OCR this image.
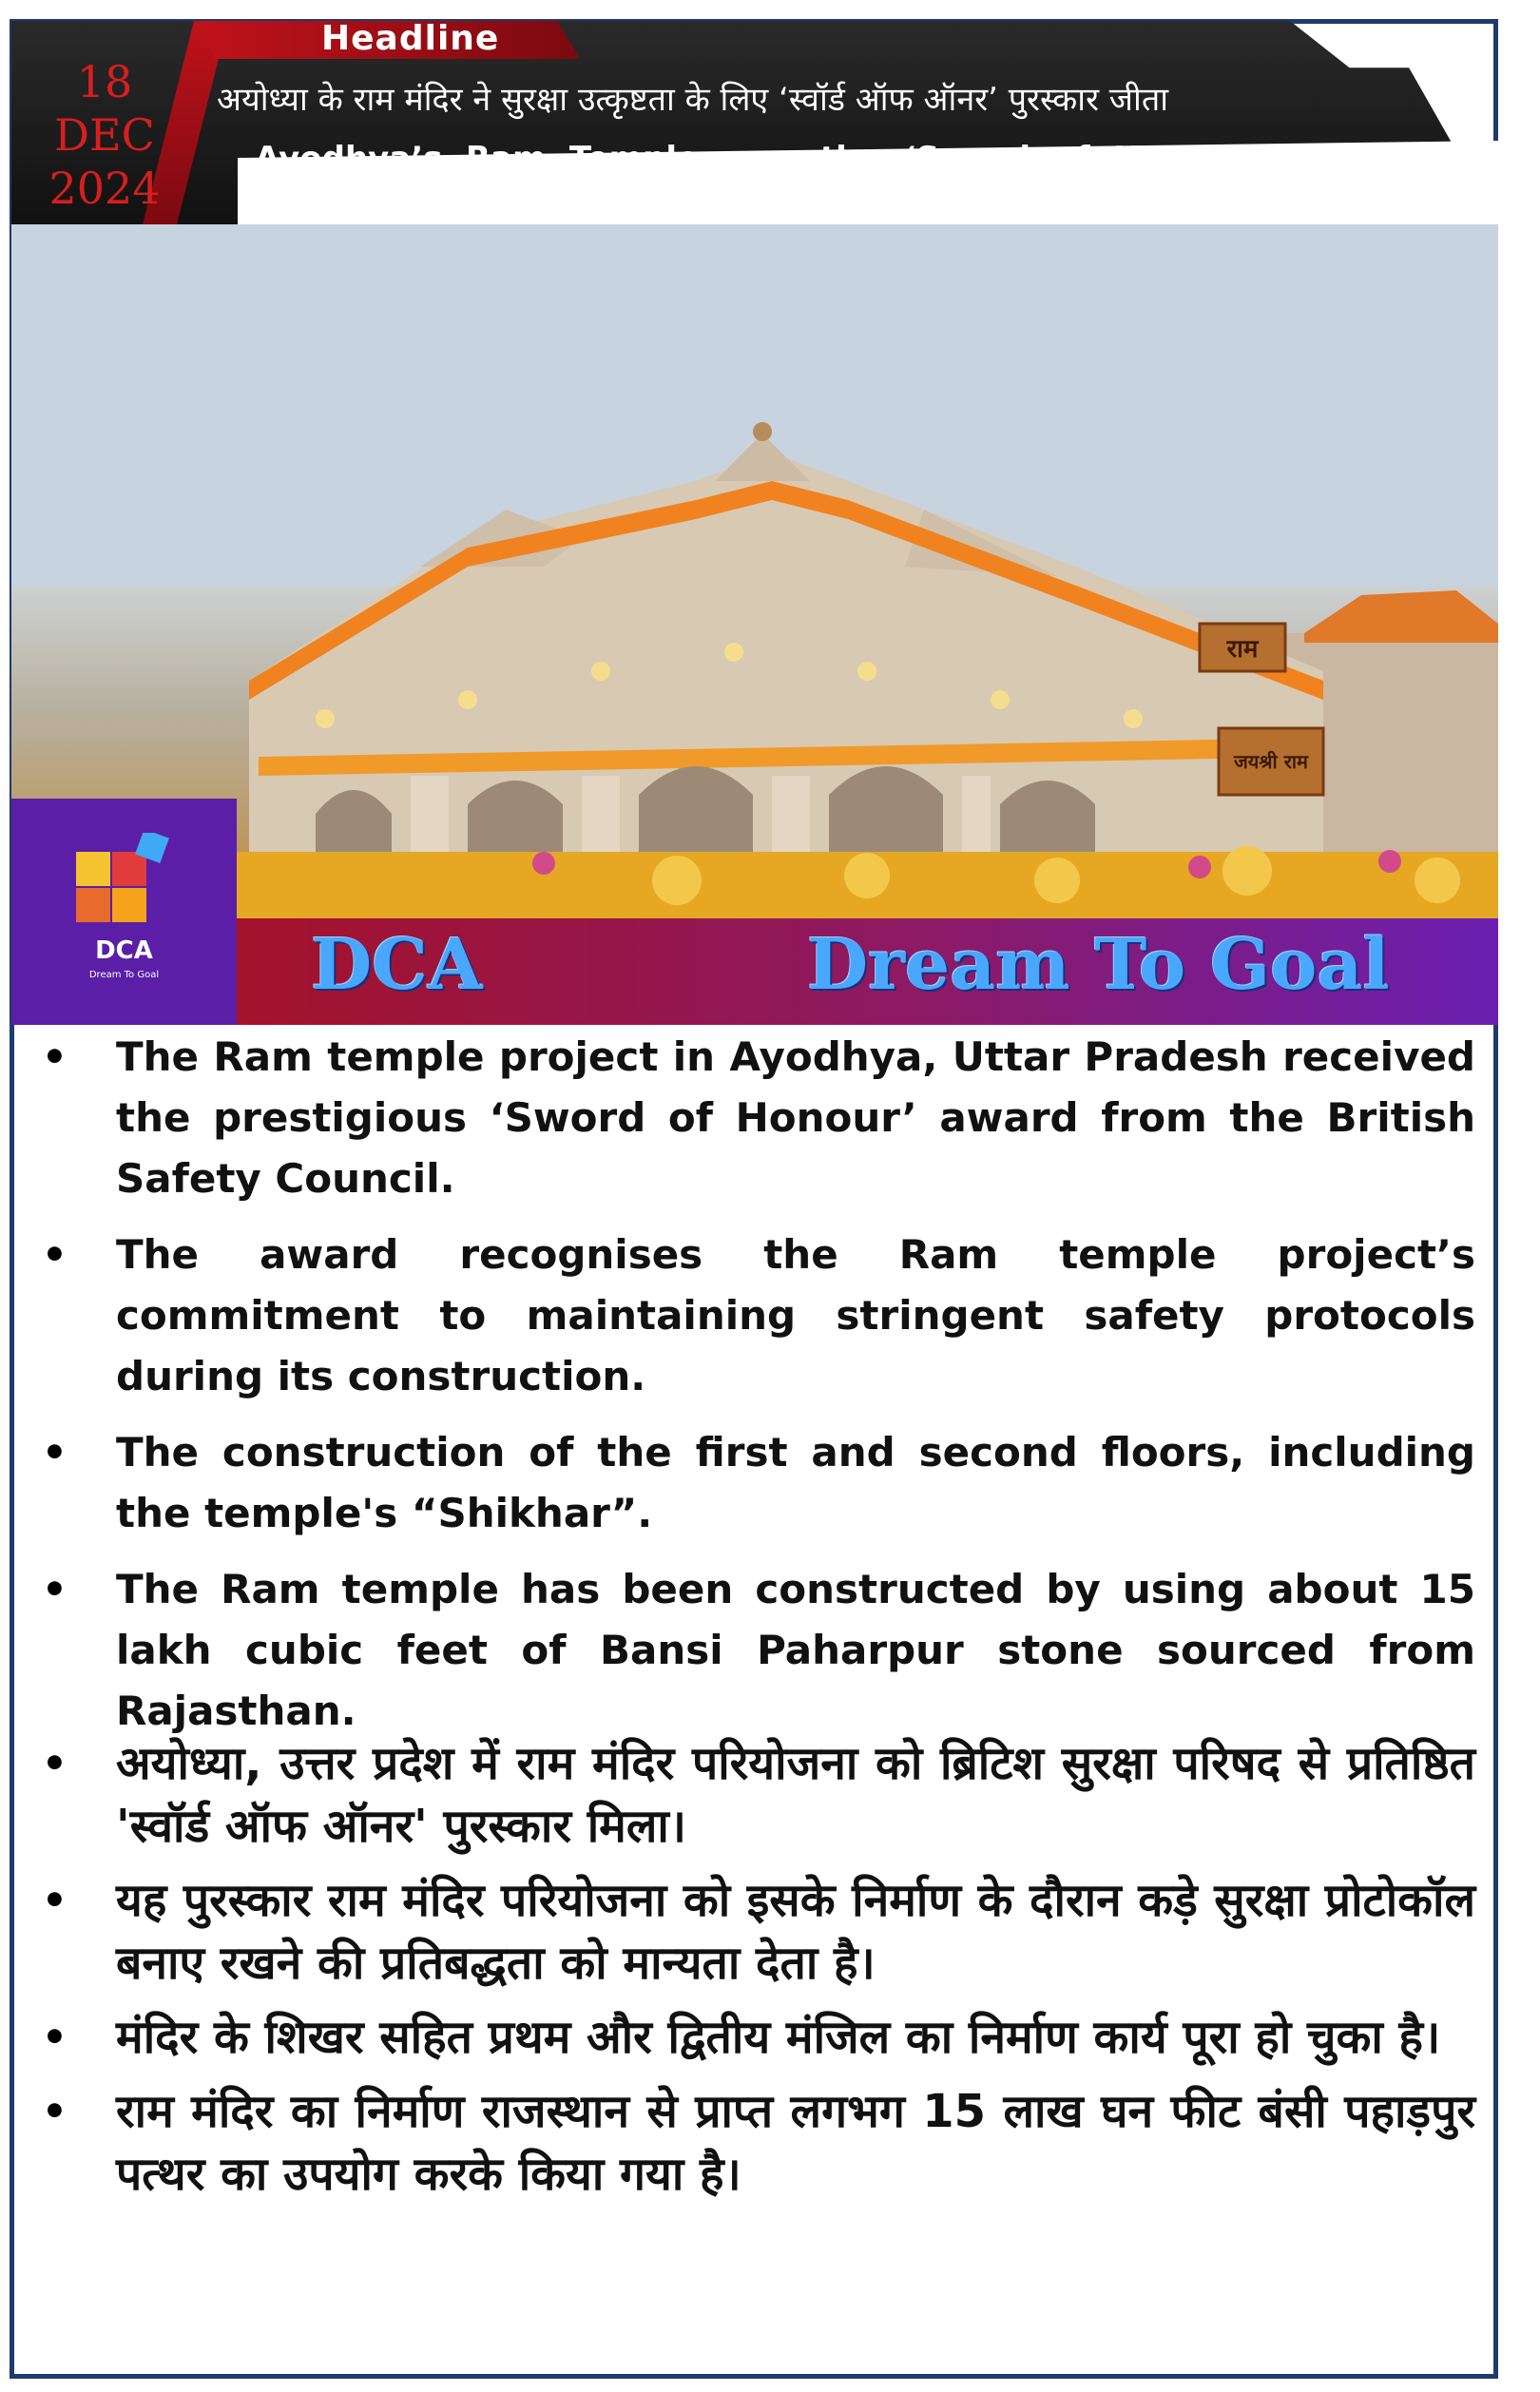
Headline
18
DEC
2024
अयोध्या के राम मंदिर ने सुरक्षा उत्कृष्टता के लिए ‘स्वॉर्ड ऑफ ऑनर’ पुरस्कार जीता
Ayodhya’s Ram Temple won the ‘Sword of Honour’ award for safety excellence
राम
जयश्री राम
DCA
Dream To Goal	DCA	Dream To Goal
• The Ram temple project in Ayodhya, Uttar Pradesh received the prestigious ‘Sword of Honour’ award from the British Safety Council.
• The award recognises the Ram temple project’s commitment to maintaining stringent safety protocols during its construction.
• The construction of the first and second floors, including the temple's “Shikhar”.
• The Ram temple has been constructed by using about 15 lakh cubic feet of Bansi Paharpur stone sourced from Rajasthan.
• अयोध्या, उत्तर प्रदेश में राम मंदिर परियोजना को ब्रिटिश सुरक्षा परिषद से प्रतिष्ठित 'स्वॉर्ड ऑफ ऑनर' पुरस्कार मिला।
• यह पुरस्कार राम मंदिर परियोजना को इसके निर्माण के दौरान कड़े सुरक्षा प्रोटोकॉल बनाए रखने की प्रतिबद्धता को मान्यता देता है।
• मंदिर के शिखर सहित प्रथम और द्वितीय मंजिल का निर्माण कार्य पूरा हो चुका है।
• राम मंदिर का निर्माण राजस्थान से प्राप्त लगभग 15 लाख घन फीट बंसी पहाड़पुर पत्थर का उपयोग करके किया गया है।
